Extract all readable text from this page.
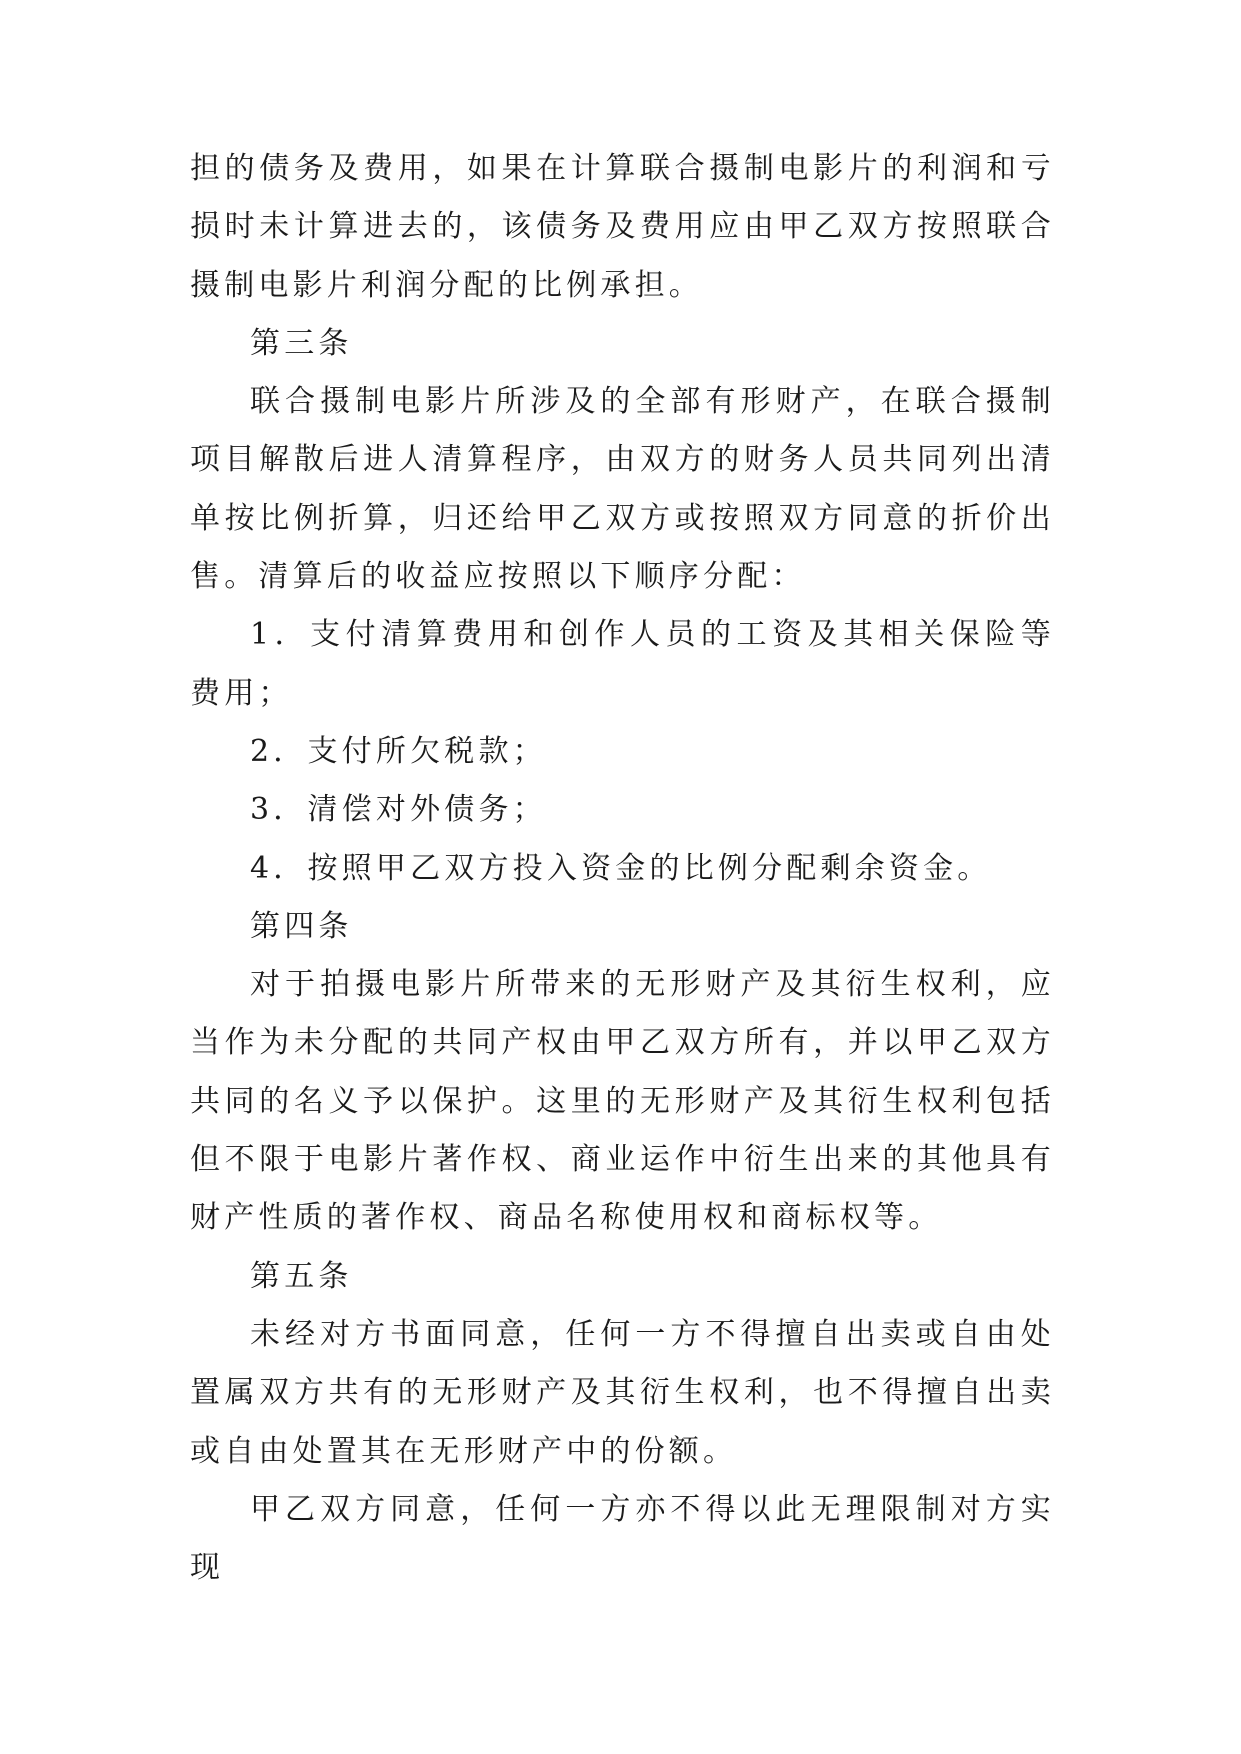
担的债务及费用，如果在计算联合摄制电影片的利润和亏损时未计算进去的，该债务及费用应由甲乙双方按照联合摄制电影片利润分配的比例承担。

第三条

联合摄制电影片所涉及的全部有形财产，在联合摄制项目解散后进人清算程序，由双方的财务人员共同列出清单按比例折算，归还给甲乙双方或按照双方同意的折价出售。清算后的收益应按照以下顺序分配：

1．支付清算费用和创作人员的工资及其相关保险等费用；

2．支付所欠税款；

3．清偿对外债务；

4．按照甲乙双方投入资金的比例分配剩余资金。

第四条

对于拍摄电影片所带来的无形财产及其衍生权利，应当作为未分配的共同产权由甲乙双方所有，并以甲乙双方共同的名义予以保护。这里的无形财产及其衍生权利包括但不限于电影片著作权、商业运作中衍生出来的其他具有财产性质的著作权、商品名称使用权和商标权等。

第五条

未经对方书面同意，任何一方不得擅自出卖或自由处置属双方共有的无形财产及其衍生权利，也不得擅自出卖或自由处置其在无形财产中的份额。

甲乙双方同意，任何一方亦不得以此无理限制对方实现
